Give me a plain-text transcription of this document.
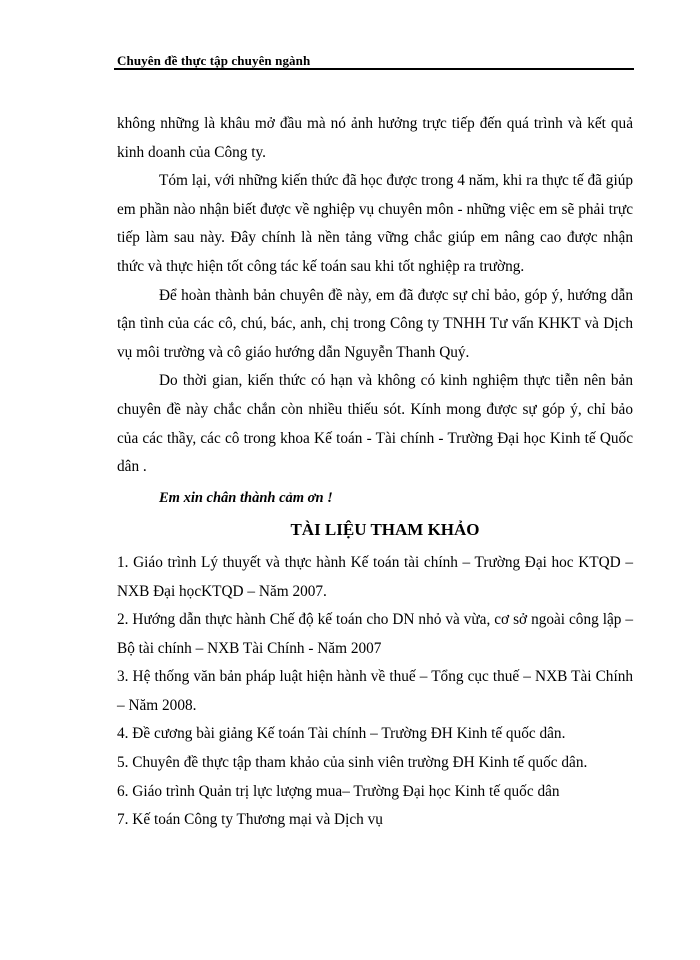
Chuyên đề thực tập chuyên ngành

không những là khâu mở đầu mà nó ảnh hưởng trực tiếp đến quá trình và kết quả kinh doanh của Công ty.

Tóm lại, với những kiến thức đã học được trong 4 năm, khi ra thực tế đã giúp em phần nào nhận biết được về nghiệp vụ chuyên môn - những việc em sẽ phải trực tiếp làm sau này. Đây chính là nền tảng vững chắc giúp em nâng cao được nhận thức và thực hiện tốt công tác kế toán sau khi tốt nghiệp ra trường.

Để hoàn thành bản chuyên đề này, em đã được sự chỉ bảo, góp ý, hướng dẫn tận tình của các cô, chú, bác, anh, chị trong Công ty TNHH Tư vấn KHKT và Dịch vụ môi trường và cô giáo hướng dẫn Nguyễn Thanh Quý.

Do thời gian, kiến thức có hạn và không có kinh nghiệm thực tiễn nên bản chuyên đề này chắc chắn còn nhiều thiếu sót. Kính mong được sự góp ý, chỉ bảo của các thầy, các cô trong khoa Kế toán - Tài chính - Trường Đại học Kinh tế Quốc dân .

Em xin chân thành cảm ơn !

TÀI LIỆU THAM KHẢO

1. Giáo trình Lý thuyết và thực hành Kế toán tài chính – Trường Đại hoc KTQD – NXB Đại họcKTQD – Năm 2007.

2. Hướng dẫn thực hành Chế độ kế toán cho DN nhỏ và vừa, cơ sở ngoài công lập – Bộ tài chính – NXB Tài Chính - Năm 2007

3. Hệ thống văn bản pháp luật hiện hành về thuế – Tổng cục thuế – NXB Tài Chính – Năm 2008.

4. Đề cương bài giảng Kế toán Tài chính – Trường ĐH Kinh tế quốc dân.

5. Chuyên đề thực tập tham khảo của sinh viên trường ĐH Kinh tế quốc dân.

6. Giáo trình Quản trị lực lượng mua– Trường Đại học Kinh tế quốc dân

7. Kế toán Công ty Thương mại và Dịch vụ
